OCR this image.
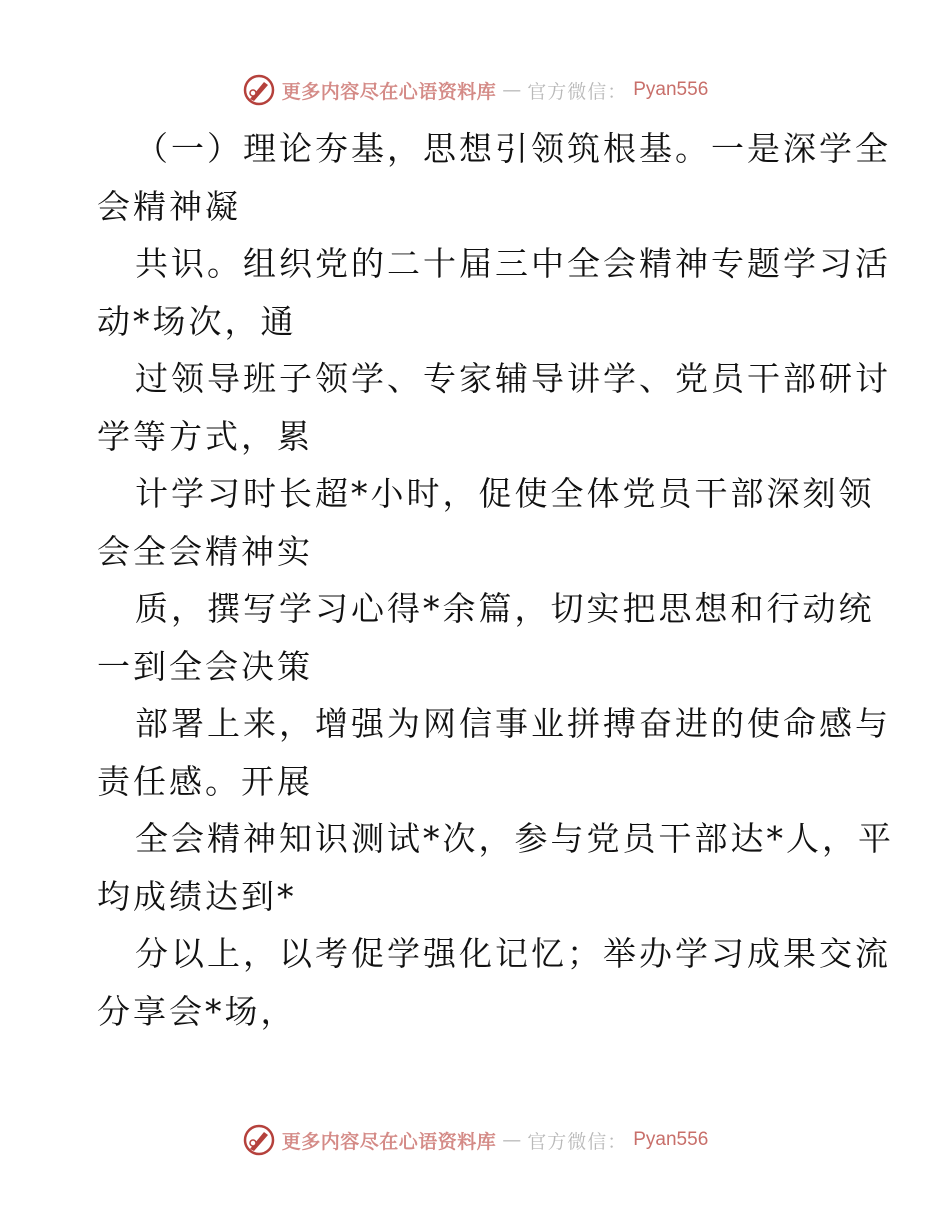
更多内容尽在心语资料库 — 官方微信： Pyan556
（一）理论夯基，思想引领筑根基。一是深学全
会精神凝
共识。组织党的二十届三中全会精神专题学习活
动*场次，通
过领导班子领学、专家辅导讲学、党员干部研讨
学等方式，累
计学习时长超*小时，促使全体党员干部深刻领
会全会精神实
质，撰写学习心得*余篇，切实把思想和行动统
一到全会决策
部署上来，增强为网信事业拼搏奋进的使命感与
责任感。开展
全会精神知识测试*次，参与党员干部达*人，平
均成绩达到*
分以上，以考促学强化记忆；举办学习成果交流
分享会*场，
更多内容尽在心语资料库 — 官方微信： Pyan556
